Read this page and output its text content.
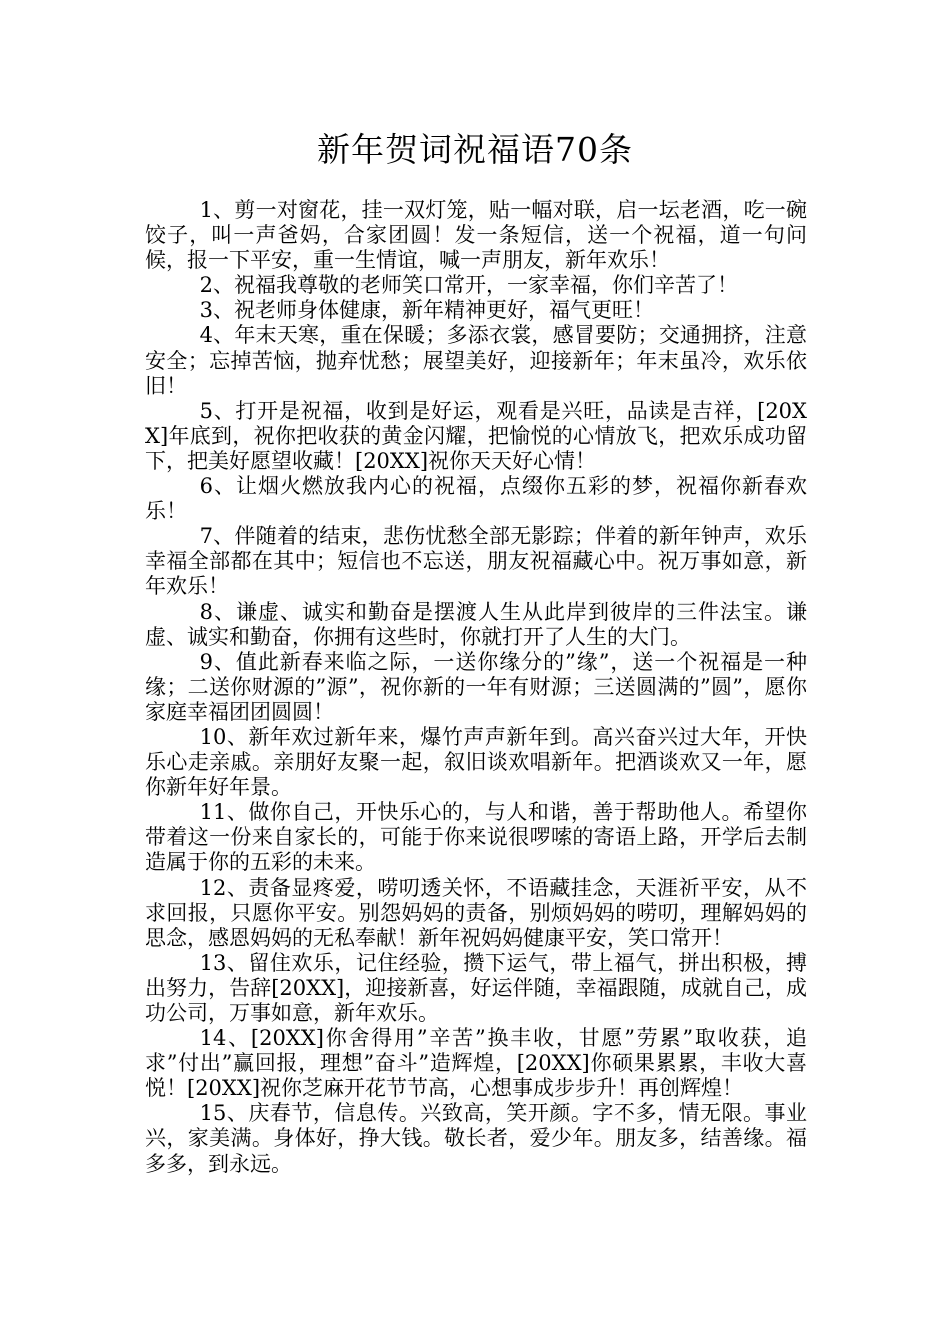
新年贺词祝福语70条

1、剪一对窗花，挂一双灯笼，贴一幅对联，启一坛老酒，吃一碗饺子，叫一声爸妈，合家团圆！发一条短信，送一个祝福，道一句问候，报一下平安，重一生情谊，喊一声朋友，新年欢乐！

2、祝福我尊敬的老师笑口常开，一家幸福，你们辛苦了！

3、祝老师身体健康，新年精神更好，福气更旺！

4、年末天寒，重在保暖；多添衣裳，感冒要防；交通拥挤，注意安全；忘掉苦恼，抛弃忧愁；展望美好，迎接新年；年末虽冷，欢乐依旧！

5、打开是祝福，收到是好运，观看是兴旺，品读是吉祥，[20XX]年底到，祝你把收获的黄金闪耀，把愉悦的心情放飞，把欢乐成功留下，把美好愿望收藏！[20XX]祝你天天好心情！

6、让烟火燃放我内心的祝福，点缀你五彩的梦，祝福你新春欢乐！

7、伴随着的结束，悲伤忧愁全部无影踪；伴着的新年钟声，欢乐幸福全部都在其中；短信也不忘送，朋友祝福藏心中。祝万事如意，新年欢乐！

8、谦虚、诚实和勤奋是摆渡人生从此岸到彼岸的三件法宝。谦虚、诚实和勤奋，你拥有这些时，你就打开了人生的大门。

9、值此新春来临之际，一送你缘分的”缘”，送一个祝福是一种缘；二送你财源的”源”，祝你新的一年有财源；三送圆满的”圆”，愿你家庭幸福团团圆圆！

10、新年欢过新年来，爆竹声声新年到。高兴奋兴过大年，开快乐心走亲戚。亲朋好友聚一起，叙旧谈欢唱新年。把酒谈欢又一年，愿你新年好年景。

11、做你自己，开快乐心的，与人和谐，善于帮助他人。希望你带着这一份来自家长的，可能于你来说很啰嗦的寄语上路，开学后去制造属于你的五彩的未来。

12、责备显疼爱，唠叨透关怀，不语藏挂念，天涯祈平安，从不求回报，只愿你平安。别怨妈妈的责备，别烦妈妈的唠叨，理解妈妈的思念，感恩妈妈的无私奉献！新年祝妈妈健康平安，笑口常开！

13、留住欢乐，记住经验，攒下运气，带上福气，拼出积极，搏出努力，告辞[20XX]，迎接新喜，好运伴随，幸福跟随，成就自己，成功公司，万事如意，新年欢乐。

14、[20XX]你舍得用”辛苦”换丰收，甘愿”劳累”取收获，追求”付出”赢回报，理想”奋斗”造辉煌，[20XX]你硕果累累，丰收大喜悦！[20XX]祝你芝麻开花节节高，心想事成步步升！再创辉煌！

15、庆春节，信息传。兴致高，笑开颜。字不多，情无限。事业兴，家美满。身体好，挣大钱。敬长者，爱少年。朋友多，结善缘。福多多，到永远。
